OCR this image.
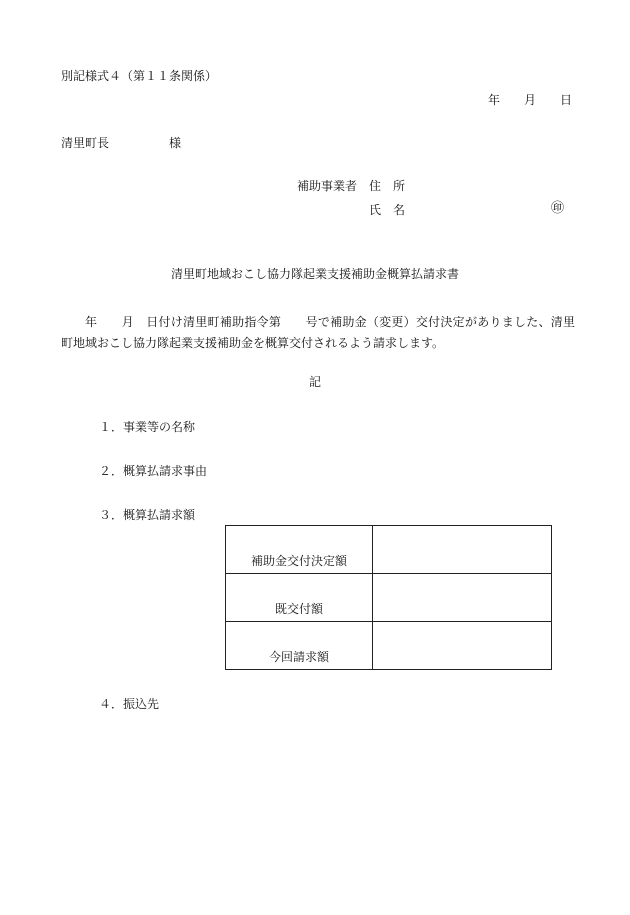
別記様式４（第１１条関係）
年　　月　　日
清里町長　　　　　様
補助事業者　住　所
氏　名	㊞
清里町地域おこし協力隊起業支援補助金概算払請求書
年　　月　日付け清里町補助指令第　　号で補助金（変更）交付決定がありました、清里町地域おこし協力隊起業支援補助金を概算交付されるよう請求します。
記
１．事業等の名称
２．概算払請求事由
３．概算払請求額
補助金交付決定額	
既交付額	
今回請求額	
４．振込先
